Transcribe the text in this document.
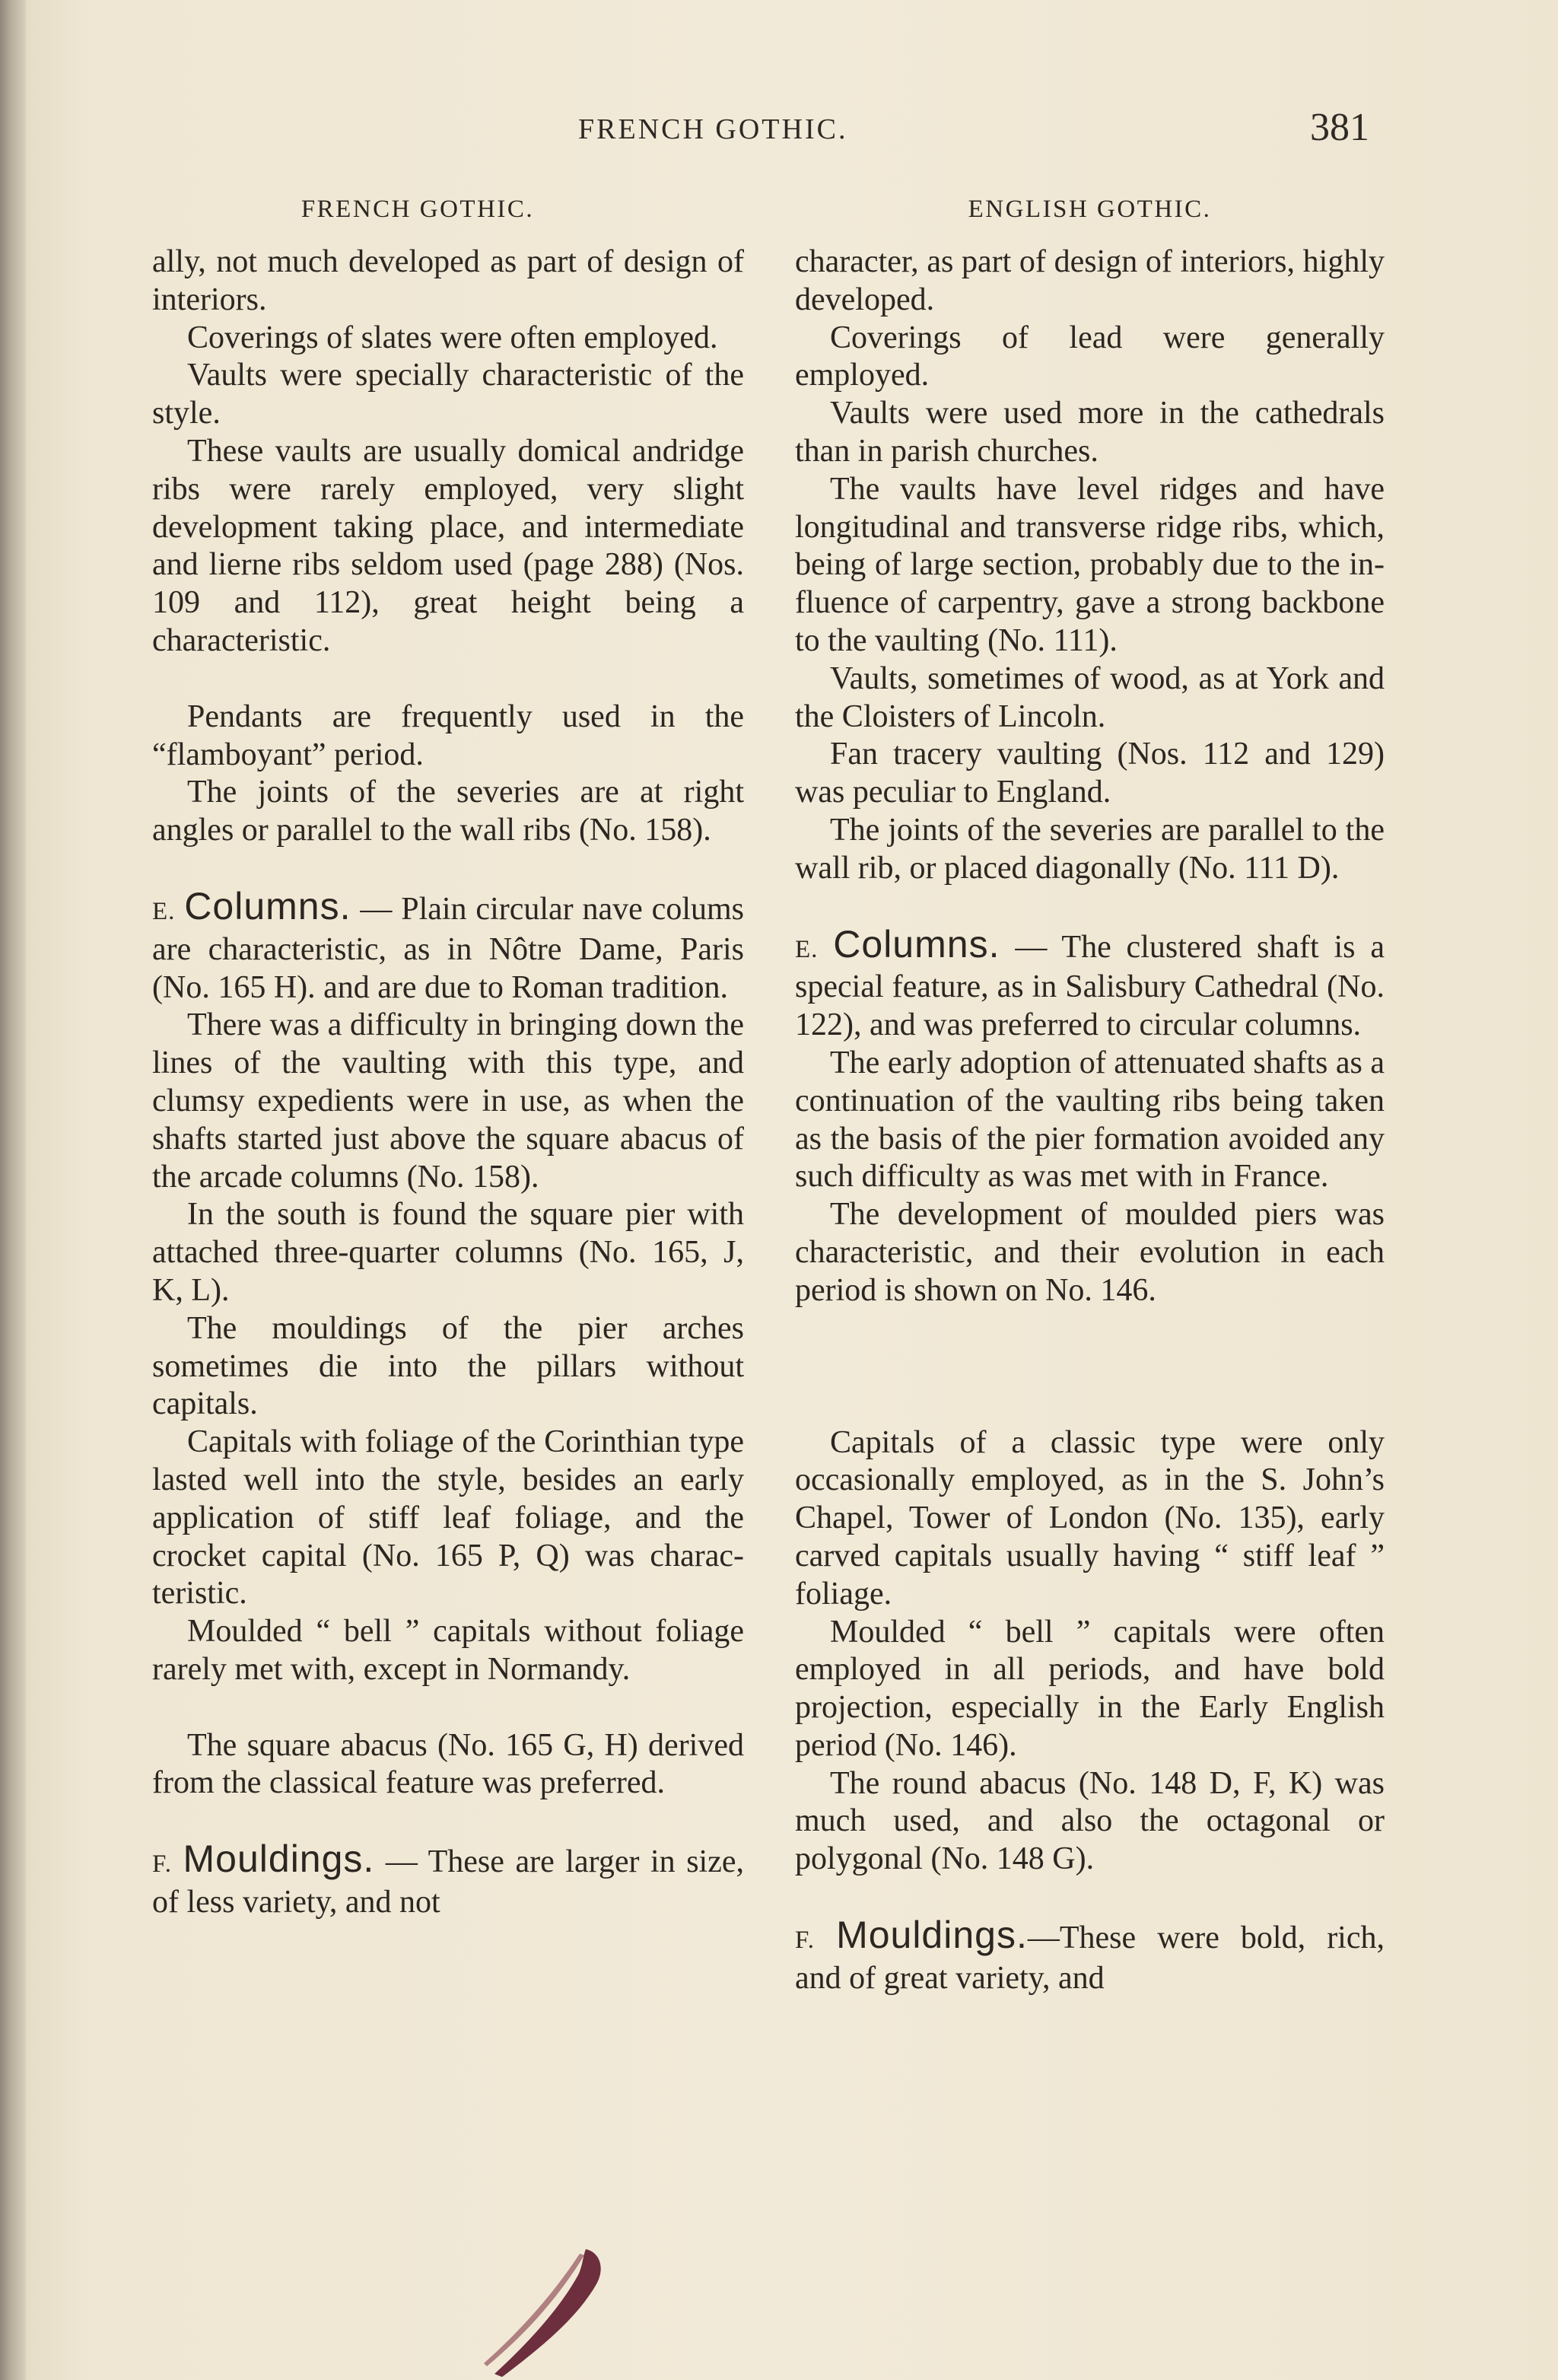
FRENCH GOTHIC.	381
FRENCH GOTHIC.

ally, not much developed as part of design of interiors.

Coverings of slates were often employed.

Vaults were specially characteristic of the style.

These vaults are usually domical andridge ribs were rarely employed, very slight development taking place, and intermediate and lierne ribs seldom used (page 288) (Nos. 109 and 112), great height being a characteristic.

Pendants are frequently used in the “flamboyant” period.

The joints of the severies are at right angles or parallel to the wall ribs (No. 158).

E. Columns. — Plain circular nave colums are characteristic, as in Nôtre Dame, Paris (No. 165 H). and are due to Roman tradition.

There was a difficulty in bringing down the lines of the vaulting with this type, and clumsy expedients were in use, as when the shafts started just above the square abacus of the arcade columns (No. 158).

In the south is found the square pier with attached three-quarter columns (No. 165, J, K, L).

The mouldings of the pier arches sometimes die into the pillars without capitals.

Capitals with foliage of the Corinthian type lasted well into the style, besides an early application of stiff leaf foliage, and the crocket capital (No. 165 P, Q) was characteristic.

Moulded “ bell ” capitals without foliage rarely met with, except in Normandy.

The square abacus (No. 165 G, H) derived from the classical feature was preferred.

F. Mouldings. — These are larger in size, of less variety, and not

ENGLISH GOTHIC.

character, as part of design of interiors, highly developed.

Coverings of lead were generally employed.

Vaults were used more in the cathedrals than in parish churches.

The vaults have level ridges and have longitudinal and transverse ridge ribs, which, being of large section, probably due to the influence of carpentry, gave a strong backbone to the vaulting (No. 111).

Vaults, sometimes of wood, as at York and the Cloisters of Lincoln.

Fan tracery vaulting (Nos. 112 and 129) was peculiar to England.

The joints of the severies are parallel to the wall rib, or placed diagonally (No. 111 D).

E. Columns. — The clustered shaft is a special feature, as in Salisbury Cathedral (No. 122), and was preferred to circular columns.

The early adoption of attenuated shafts as a continuation of the vaulting ribs being taken as the basis of the pier formation avoided any such difficulty as was met with in France.

The development of moulded piers was characteristic, and their evolution in each period is shown on No. 146.

Capitals of a classic type were only occasionally employed, as in the S. John’s Chapel, Tower of London (No. 135), early carved capitals usually having “ stiff leaf ” foliage.

Moulded “ bell ” capitals were often employed in all periods, and have bold projection, especially in the Early English period (No. 146).

The round abacus (No. 148 D, F, K) was much used, and also the octagonal or polygonal (No. 148 G).

F. Mouldings.—These were bold, rich, and of great variety, and
